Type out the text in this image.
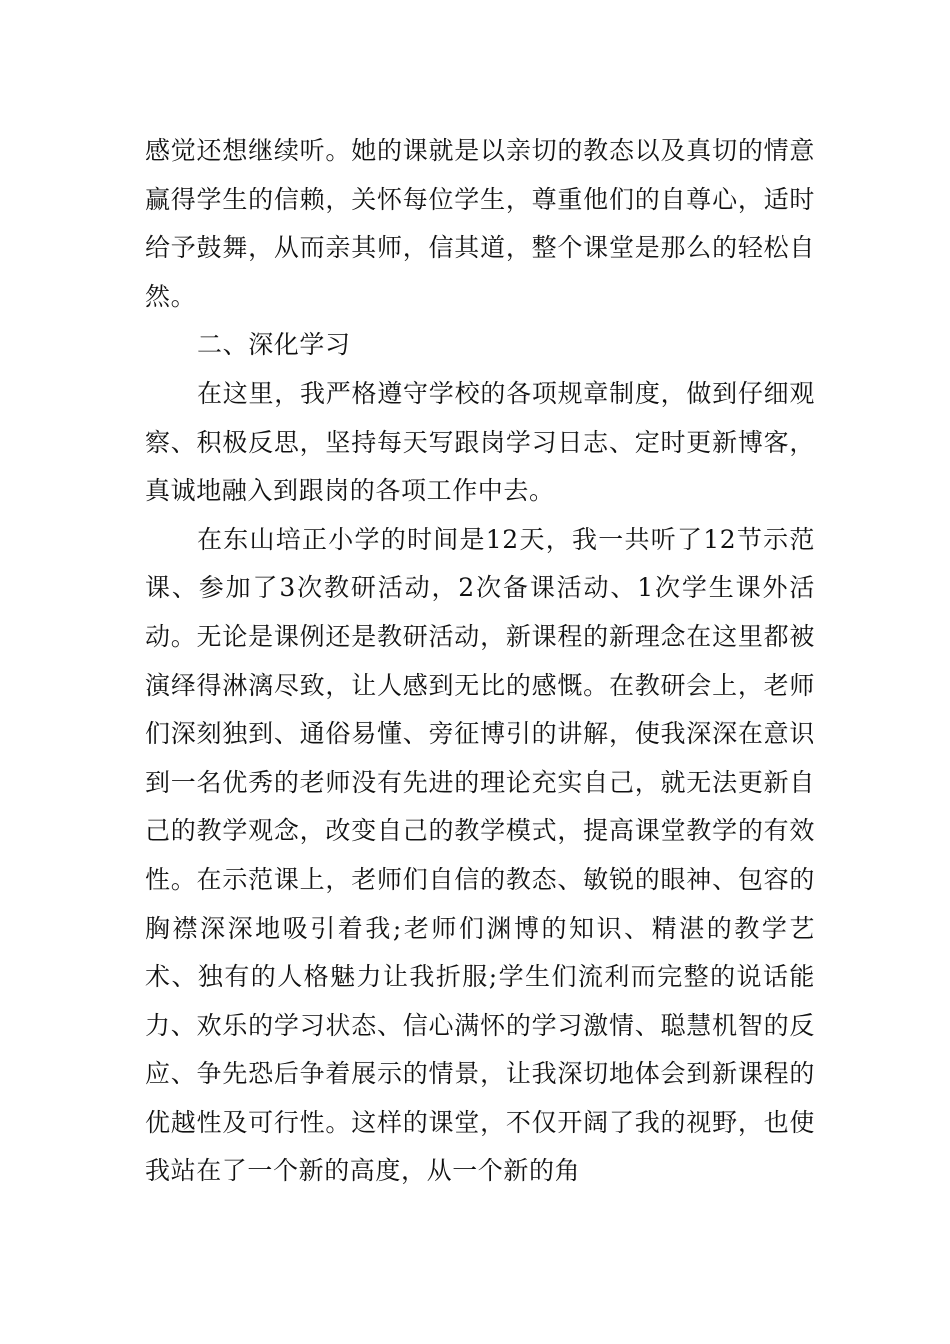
感觉还想继续听。她的课就是以亲切的教态以及真切的情意赢得学生的信赖，关怀每位学生，尊重他们的自尊心，适时给予鼓舞，从而亲其师，信其道，整个课堂是那么的轻松自然。

二、深化学习

在这里，我严格遵守学校的各项规章制度，做到仔细观察、积极反思，坚持每天写跟岗学习日志、定时更新博客，真诚地融入到跟岗的各项工作中去。

在东山培正小学的时间是12天，我一共听了12节示范课、参加了3次教研活动，2次备课活动、1次学生课外活动。无论是课例还是教研活动，新课程的新理念在这里都被演绎得淋漓尽致，让人感到无比的感慨。在教研会上，老师们深刻独到、通俗易懂、旁征博引的讲解，使我深深在意识到一名优秀的老师没有先进的理论充实自己，就无法更新自己的教学观念，改变自己的教学模式，提高课堂教学的有效性。在示范课上，老师们自信的教态、敏锐的眼神、包容的胸襟深深地吸引着我;老师们渊博的知识、精湛的教学艺术、独有的人格魅力让我折服;学生们流利而完整的说话能力、欢乐的学习状态、信心满怀的学习激情、聪慧机智的反应、争先恐后争着展示的情景，让我深切地体会到新课程的优越性及可行性。这样的课堂，不仅开阔了我的视野，也使我站在了一个新的高度，从一个新的角
